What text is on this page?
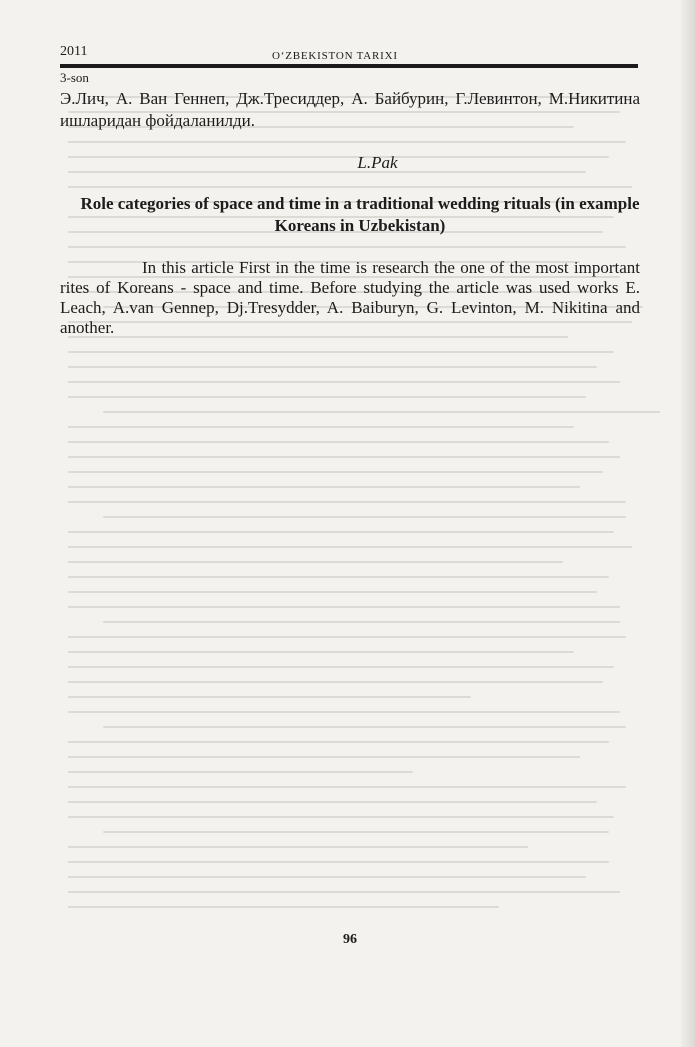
2011	O‘ZBEKISTON TARIXI
3-son
Э.Лич, А. Ван Геннеп, Дж.Тресиддер, А. Байбурин, Г.Левинтон, М.Никитина ишларидан фойдаланилди.
L.Pak
Role categories of space and time in a traditional wedding rituals (in example Koreans in Uzbekistan)

In this article First in the time is research the one of the most important rites of Koreans - space and time. Before studying the article was used works E. Leach, A.van Gennep, Dj.Tresydder, A. Baiburyn, G. Levinton, M. Nikitina and another.

96
